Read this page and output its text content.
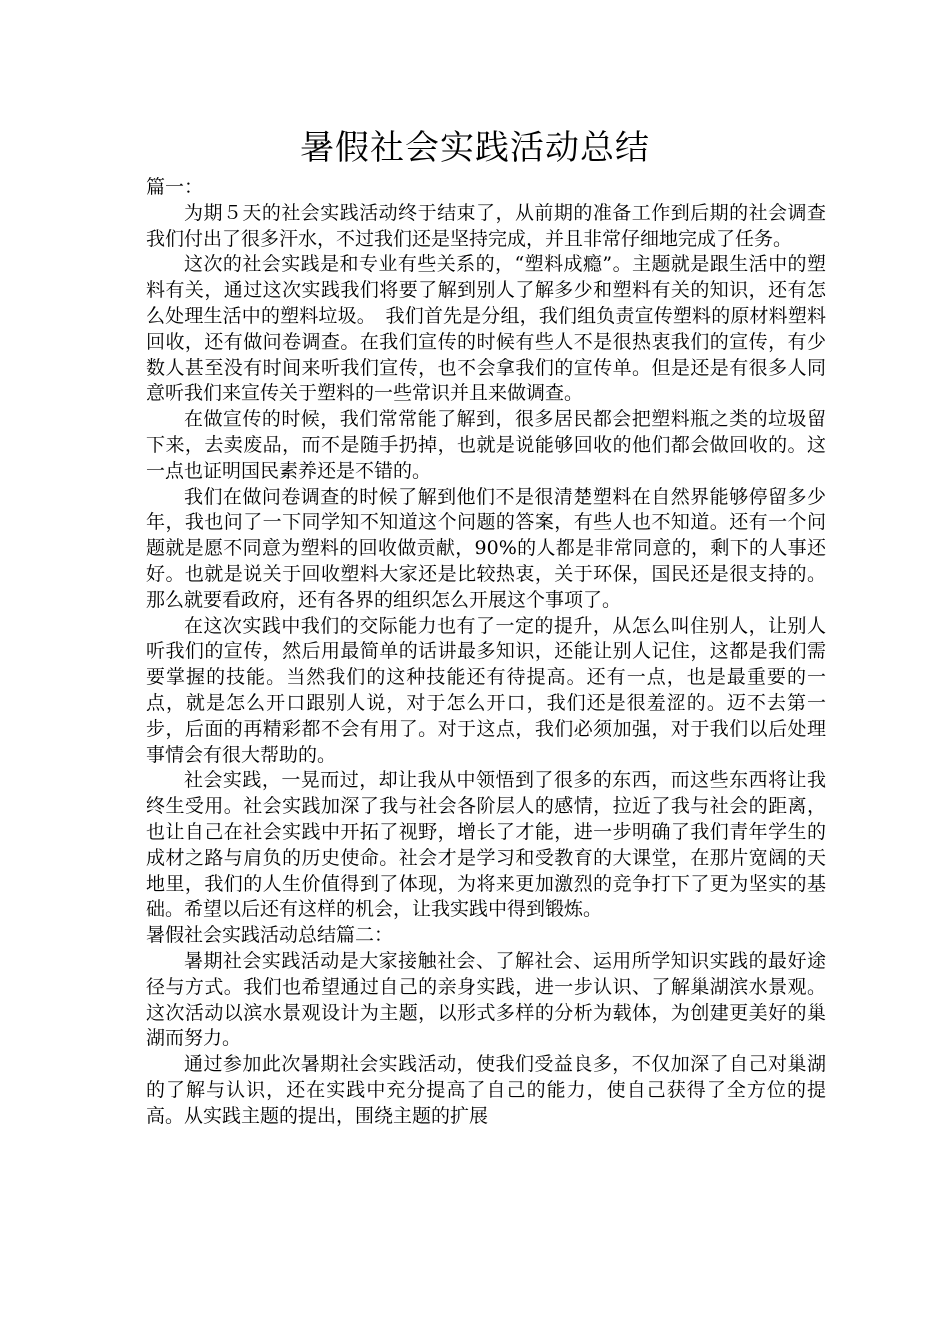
暑假社会实践活动总结

篇一：

为期５天的社会实践活动终于结束了，从前期的准备工作到后期的社会调查我们付出了很多汗水，不过我们还是坚持完成，并且非常仔细地完成了任务。

这次的社会实践是和专业有些关系的，“塑料成瘾”。主题就是跟生活中的塑料有关，通过这次实践我们将要了解到别人了解多少和塑料有关的知识，还有怎么处理生活中的塑料垃圾。　我们首先是分组，我们组负责宣传塑料的原材料塑料回收，还有做问卷调查。在我们宣传的时候有些人不是很热衷我们的宣传，有少数人甚至没有时间来听我们宣传，也不会拿我们的宣传单。但是还是有很多人同意听我们来宣传关于塑料的一些常识并且来做调查。

在做宣传的时候，我们常常能了解到，很多居民都会把塑料瓶之类的垃圾留下来，去卖废品，而不是随手扔掉，也就是说能够回收的他们都会做回收的。这一点也证明国民素养还是不错的。

我们在做问卷调查的时候了解到他们不是很清楚塑料在自然界能够停留多少年，我也问了一下同学知不知道这个问题的答案，有些人也不知道。还有一个问题就是愿不同意为塑料的回收做贡献，90%的人都是非常同意的，剩下的人事还好。也就是说关于回收塑料大家还是比较热衷，关于环保，国民还是很支持的。那么就要看政府，还有各界的组织怎么开展这个事项了。

在这次实践中我们的交际能力也有了一定的提升，从怎么叫住别人，让别人听我们的宣传，然后用最简单的话讲最多知识，还能让别人记住，这都是我们需要掌握的技能。当然我们的这种技能还有待提高。还有一点，也是最重要的一点，就是怎么开口跟别人说，对于怎么开口，我们还是很羞涩的。迈不去第一步，后面的再精彩都不会有用了。对于这点，我们必须加强，对于我们以后处理事情会有很大帮助的。

社会实践，一晃而过，却让我从中领悟到了很多的东西，而这些东西将让我终生受用。社会实践加深了我与社会各阶层人的感情，拉近了我与社会的距离，也让自己在社会实践中开拓了视野，增长了才能，进一步明确了我们青年学生的成材之路与肩负的历史使命。社会才是学习和受教育的大课堂，在那片宽阔的天地里，我们的人生价值得到了体现，为将来更加激烈的竞争打下了更为坚实的基础。希望以后还有这样的机会，让我实践中得到锻炼。

暑假社会实践活动总结篇二：

暑期社会实践活动是大家接触社会、了解社会、运用所学知识实践的最好途径与方式。我们也希望通过自己的亲身实践，进一步认识、了解巢湖滨水景观。这次活动以滨水景观设计为主题，以形式多样的分析为载体，为创建更美好的巢湖而努力。

通过参加此次暑期社会实践活动，使我们受益良多，不仅加深了自己对巢湖的了解与认识，还在实践中充分提高了自己的能力，使自己获得了全方位的提高。从实践主题的提出，围绕主题的扩展
